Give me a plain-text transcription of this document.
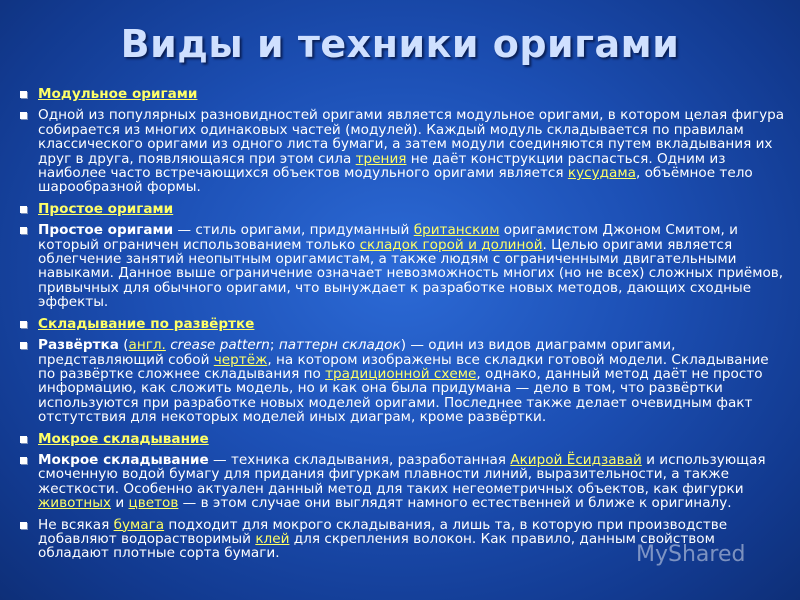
Виды и техники оригами
Модульное оригами
Одной из популярных разновидностей оригами является модульное оригами, в котором целая фигура собирается из многих одинаковых частей (модулей). Каждый модуль складывается по правилам классического оригами из одного листа бумаги, а затем модули соединяются путем вкладывания их друг в друга, появляющаяся при этом сила трения не даёт конструкции распасться. Одним из наиболее часто встречающихся объектов модульного оригами является кусудама, объёмное тело шарообразной формы.
Простое оригами
Простое оригами — стиль оригами, придуманный британским оригамистом Джоном Смитом, и который ограничен использованием только складок горой и долиной. Целью оригами является облегчение занятий неопытным оригамистам, а также людям с ограниченными двигательными навыками. Данное выше ограничение означает невозможность многих (но не всех) сложных приёмов, привычных для обычного оригами, что вынуждает к разработке новых методов, дающих сходные эффекты.
Складывание по развёртке
Развёртка (англ. crease pattern; паттерн складок) — один из видов диаграмм оригами, представляющий собой чертёж, на котором изображены все складки готовой модели. Складывание по развёртке сложнее складывания по традиционной схеме, однако, данный метод даёт не просто информацию, как сложить модель, но и как она была придумана — дело в том, что развёртки используются при разработке новых моделей оригами. Последнее также делает очевидным факт отстутствия для некоторых моделей иных диаграм, кроме развёртки.
Мокрое складывание
Мокрое складывание — техника складывания, разработанная Акирой Ёсидзавай и использующая смоченную водой бумагу для придания фигуркам плавности линий, выразительности, а также жесткости. Особенно актуален данный метод для таких негеометричных объектов, как фигурки животных и цветов — в этом случае они выглядят намного естественней и ближе к оригиналу.
Не всякая бумага подходит для мокрого складывания, а лишь та, в которую при производстве добавляют водорастворимый клей для скрепления волокон. Как правило, данным свойством обладают плотные сорта бумаги.	MyShared
